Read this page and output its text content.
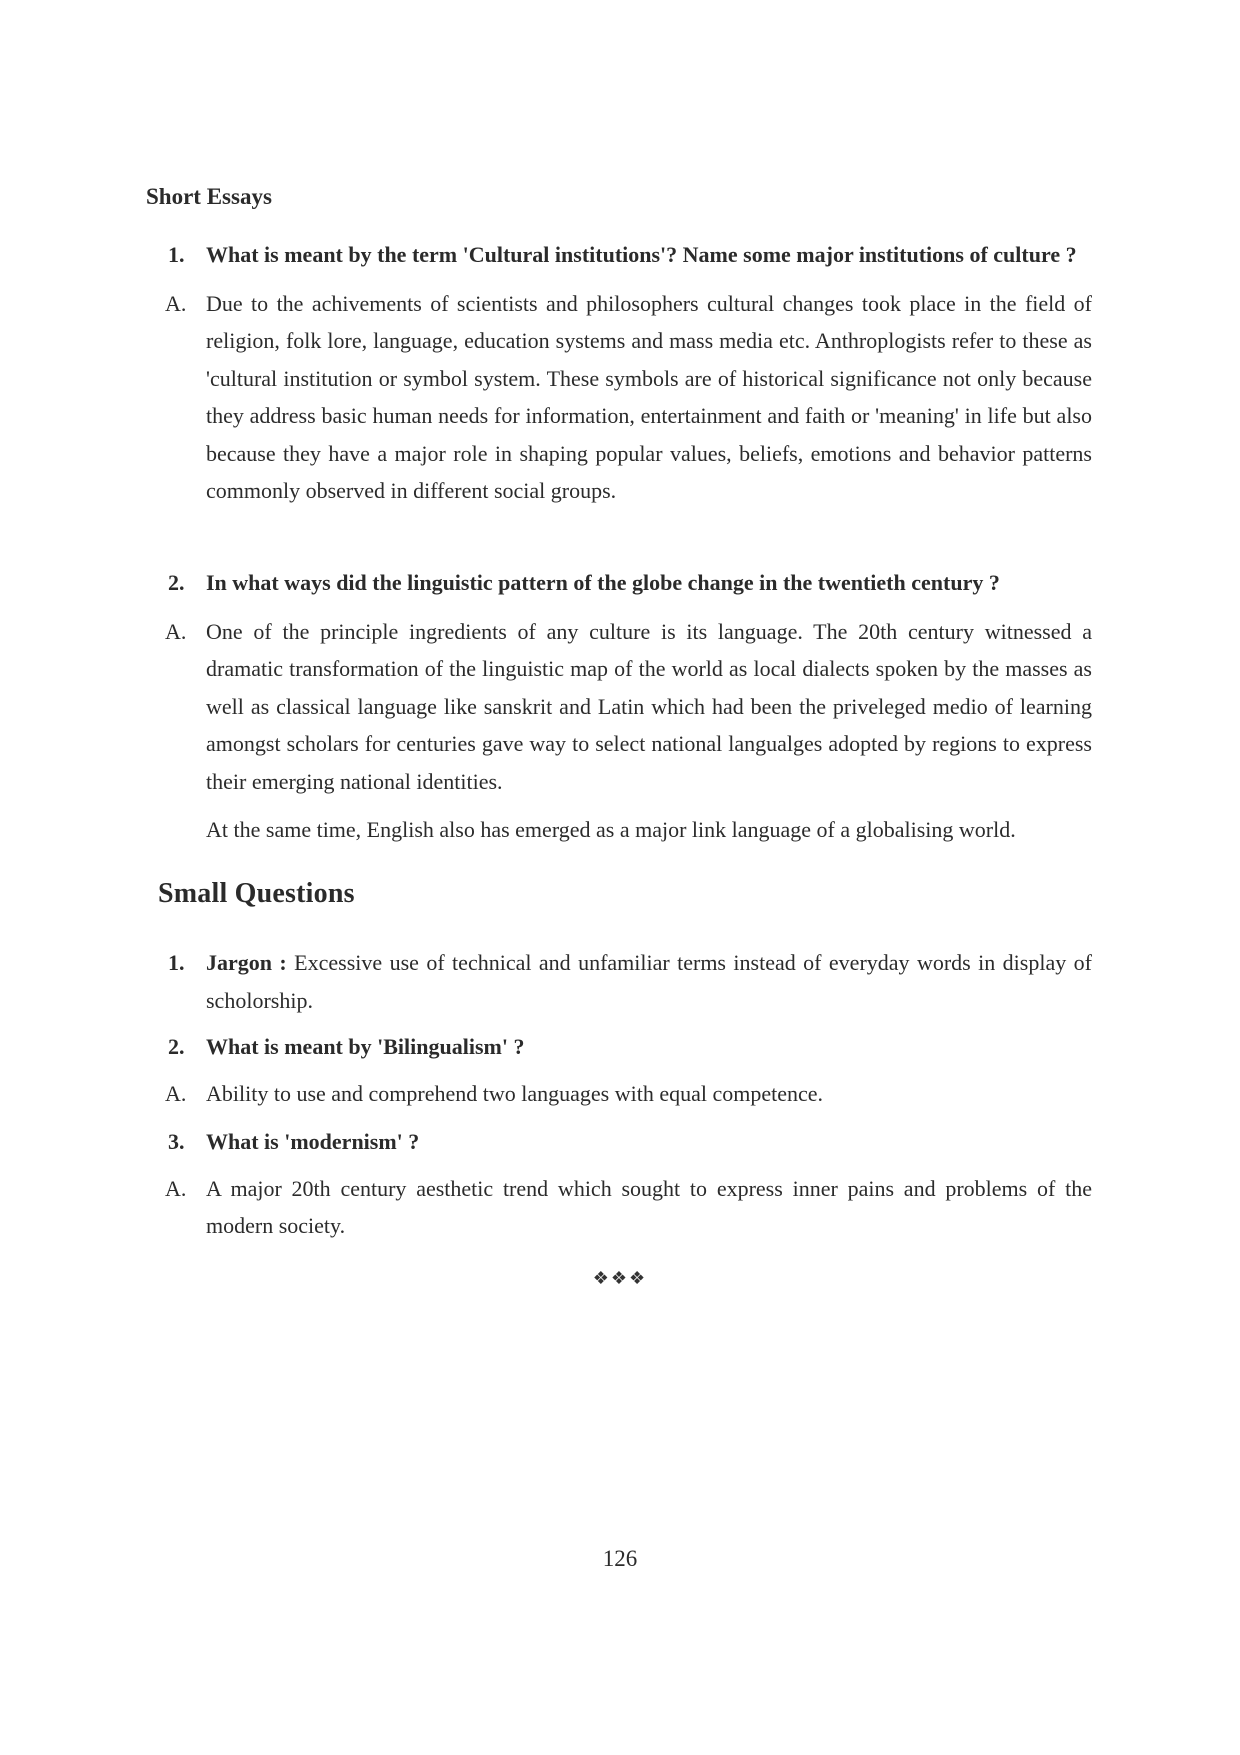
Short Essays
1. What is meant by the term 'Cultural institutions'? Name some major institutions of culture ?
A. Due to the achivements of scientists and philosophers cultural changes took place in the field of religion, folk lore, language, education systems and mass media etc. Anthroplogists refer to these as 'cultural institution or symbol system. These symbols are of historical significance not only because they address basic human needs for information, entertainment and faith or 'meaning' in life but also because they have a major role in shaping popular values, beliefs, emotions and behavior patterns commonly observed in different social groups.
2. In what ways did the linguistic pattern of the globe change in the twentieth century ?
A. One of the principle ingredients of any culture is its language. The 20th century witnessed a dramatic transformation of the linguistic map of the world as local dialects spoken by the masses as well as classical language like sanskrit and Latin which had been the priveleged medio of learning amongst scholars for centuries gave way to select national langualges adopted by regions to express their emerging national identities.
At the same time, English also has emerged as a major link language of a globalising world.
Small Questions
1. Jargon : Excessive use of technical and unfamiliar terms instead of everyday words in display of scholorship.
2. What is meant by 'Bilingualism' ?
A. Ability to use and comprehend two languages with equal competence.
3. What is 'modernism' ?
A. A major 20th century aesthetic trend which sought to express inner pains and problems of the modern society.
❖❖❖
126
